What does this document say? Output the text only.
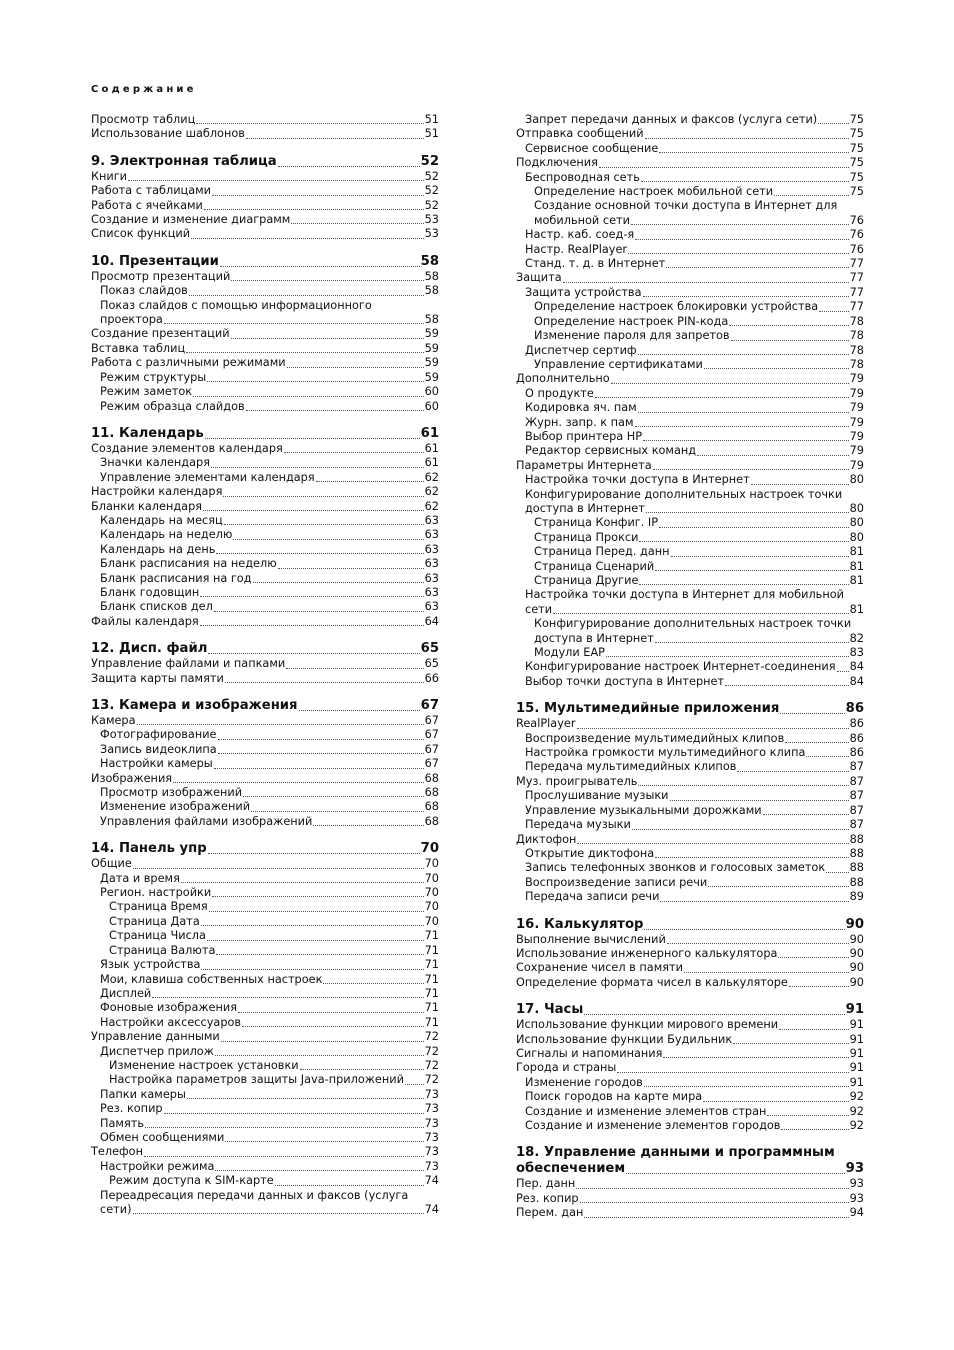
Содержание
Просмотр таблиц	51
Использование шаблонов	51
9. Электронная таблица	52
Книги	52
Работа с таблицами	52
Работа с ячейками	52
Создание и изменение диаграмм	53
Список функций	53
10. Презентации	58
Просмотр презентаций	58
Показ слайдов	58
Показ слайдов с помощью информационного
проектора	58
Создание презентаций	59
Вставка таблиц	59
Работа с различными режимами	59
Режим структуры	59
Режим заметок	60
Режим образца слайдов	60
11. Календарь	61
Создание элементов календаря	61
Значки календаря	61
Управление элементами календаря	62
Настройки календаря	62
Бланки календаря	62
Календарь на месяц	63
Календарь на неделю	63
Календарь на день	63
Бланк расписания на неделю	63
Бланк расписания на год	63
Бланк годовщин	63
Бланк списков дел	63
Файлы календаря	64
12. Дисп. файл	65
Управление файлами и папками	65
Защита карты памяти	66
13. Камера и изображения	67
Камера	67
Фотографирование	67
Запись видеоклипа	67
Настройки камеры	67
Изображения	68
Просмотр изображений	68
Изменение изображений	68
Управления файлами изображений	68
14. Панель упр	70
Общие	70
Дата и время	70
Регион. настройки	70
Страница Время	70
Страница Дата	70
Страница Числа	71
Страница Валюта	71
Язык устройства	71
Мои, клавиша собственных настроек	71
Дисплей	71
Фоновые изображения	71
Настройки аксессуаров	71
Управление данными	72
Диспетчер прилож	72
Изменение настроек установки	72
Настройка параметров защиты Java-приложений 72
Папки камеры	73
Рез. копир	73
Память	73
Обмен сообщениями	73
Телефон	73
Настройки режима	73
Режим доступа к SIM-карте	74
Переадресация передачи данных и факсов (услуга
сети)	74
Запрет передачи данных и факсов (услуга сети)	75
Отправка сообщений	75
Сервисное сообщение	75
Подключения	75
Беспроводная сеть	75
Определение настроек мобильной сети	75
Создание основной точки доступа в Интернет для
мобильной сети	76
Настр. каб. соед-я	76
Настр. RealPlayer	76
Станд. т. д. в Интернет	77
Защита	77
Защита устройства	77
Определение настроек блокировки устройства	77
Определение настроек PIN-кода	78
Изменение пароля для запретов	78
Диспетчер сертиф	78
Управление сертификатами	78
Дополнительно	79
О продукте	79
Кодировка яч. пам	79
Журн. запр. к пам	79
Выбор принтера HP	79
Редактор сервисных команд	79
Параметры Интернета	79
Настройка точки доступа в Интернет	80
Конфигурирование дополнительных настроек точки
доступа в Интернет	80
Страница Конфиг. IP	80
Страница Прокси	80
Страница Перед. данн	81
Страница Сценарий	81
Страница Другие	81
Настройка точки доступа в Интернет для мобильной
сети	81
Конфигурирование дополнительных настроек точки
доступа в Интернет	82
Модули EAP	83
Конфигурирование настроек Интернет-соединения 84
Выбор точки доступа в Интернет	84
15. Мультимедийные приложения	86
RealPlayer	86
Воспроизведение мультимедийных клипов	86
Настройка громкости мультимедийного клипа	86
Передача мультимедийных клипов	87
Муз. проигрыватель	87
Прослушивание музыки	87
Управление музыкальными дорожками	87
Передача музыки	87
Диктофон	88
Открытие диктофона	88
Запись телефонных звонков и голосовых заметок 88
Воспроизведение записи речи	88
Передача записи речи	89
16. Калькулятор	90
Выполнение вычислений	90
Использование инженерного калькулятора	90
Сохранение чисел в памяти	90
Определение формата чисел в калькуляторе	90
17. Часы	91
Использование функции мирового времени	91
Использование функции Будильник	91
Сигналы и напоминания	91
Города и страны	91
Изменение городов	91
Поиск городов на карте мира	92
Создание и изменение элементов стран	92
Создание и изменение элементов городов	92
18. Управление данными и программным
обеспечением	93
Пер. данн	93
Рез. копир	93
Перем. дан	94
